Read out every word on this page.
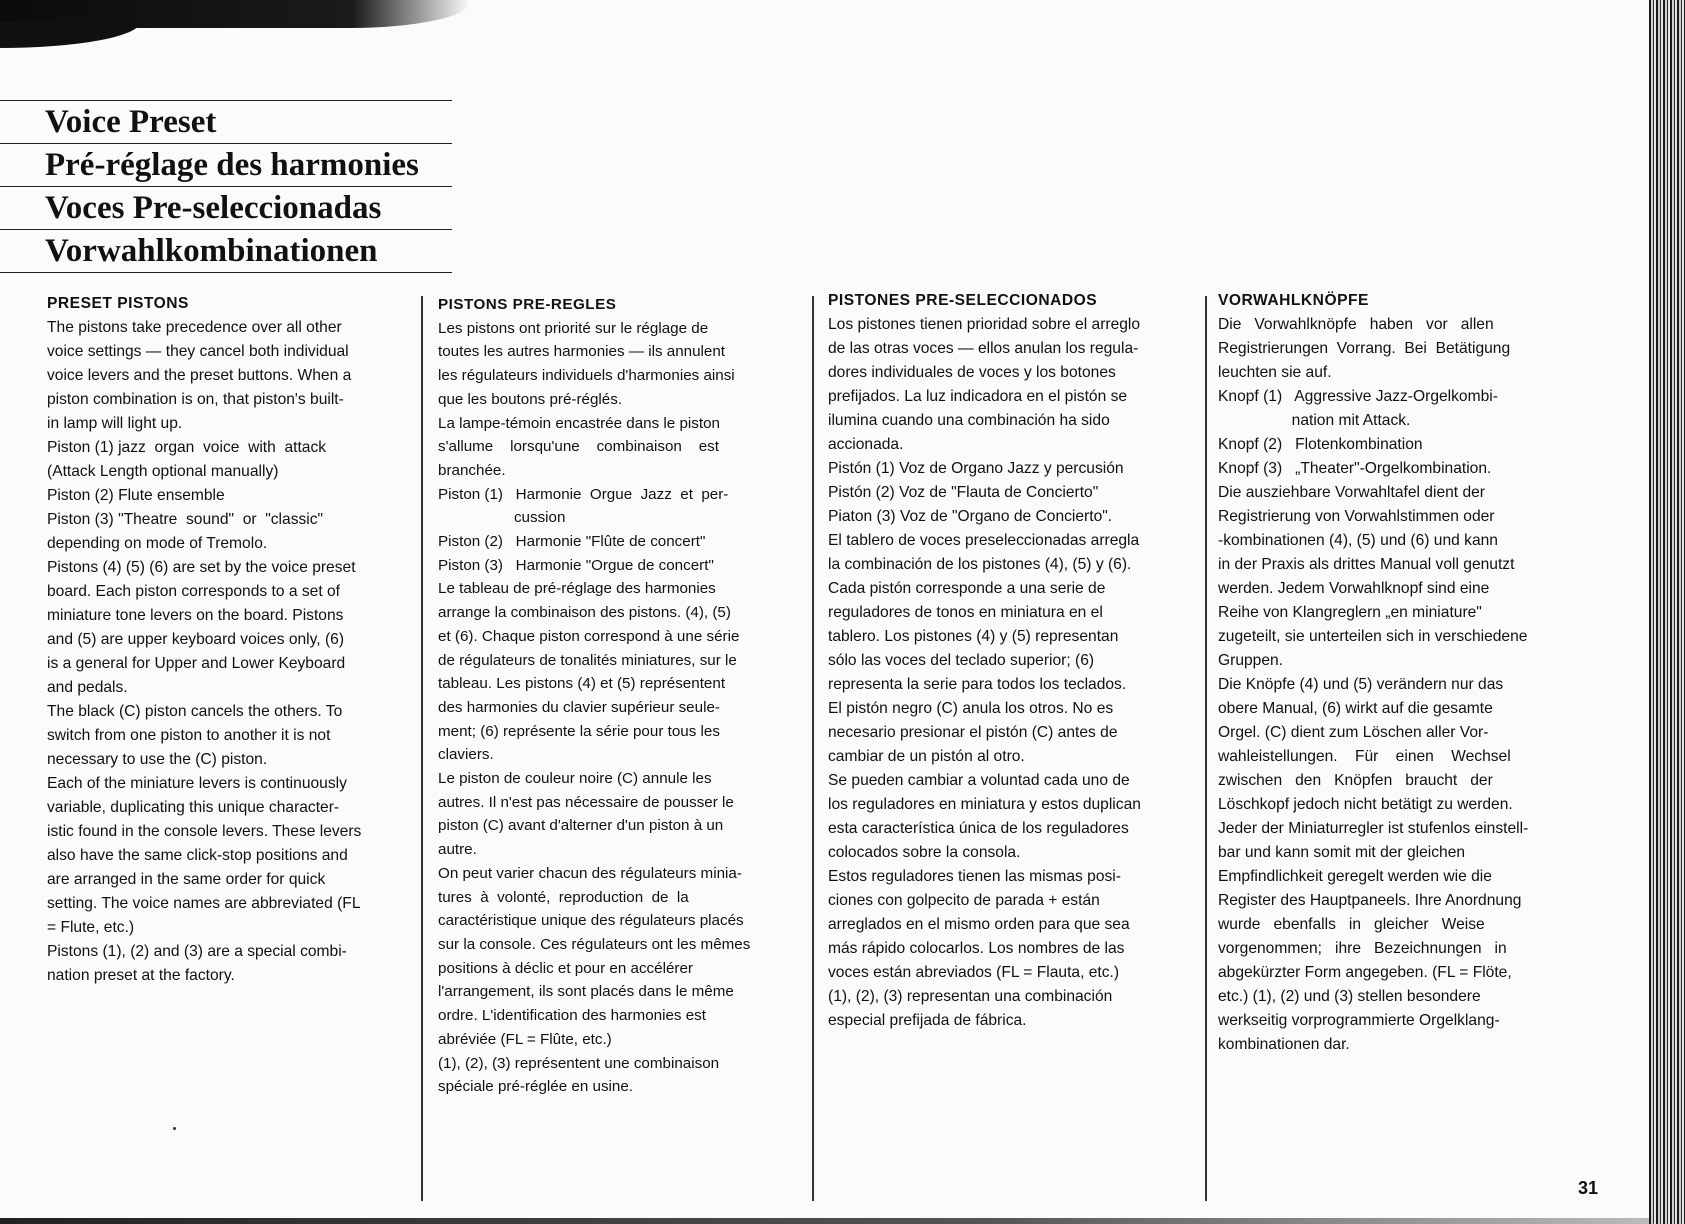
Voice Preset
Pré-réglage des harmonies
Voces Pre-seleccionadas
Vorwahlkombinationen
PRESET PISTONS

The pistons take precedence over all other

voice settings — they cancel both individual

voice levers and the preset buttons. When a

piston combination is on, that piston's built-

in lamp will light up.

Piston (1) jazz  organ  voice  with  attack

(Attack Length optional manually)

Piston (2) Flute ensemble

Piston (3) "Theatre  sound"  or  "classic"

depending on mode of Tremolo.

Pistons (4) (5) (6) are set by the voice preset

board. Each piston corresponds to a set of

miniature tone levers on the board. Pistons

and (5) are upper keyboard voices only, (6)

is a general for Upper and Lower Keyboard

and pedals.

The black (C) piston cancels the others. To

switch from one piston to another it is not

necessary to use the (C) piston.

Each of the miniature levers is continuously

variable, duplicating this unique character-

istic found in the console levers. These levers

also have the same click-stop positions and

are arranged in the same order for quick

setting. The voice names are abbreviated (FL

= Flute, etc.)

Pistons (1), (2) and (3) are a special combi-

nation preset at the factory.

PISTONS PRE-REGLES

Les pistons ont priorité sur le réglage de

toutes les autres harmonies — ils annulent

les régulateurs individuels d'harmonies ainsi

que les boutons pré-réglés.

La lampe-témoin encastrée dans le piston

s'allume    lorsqu'une    combinaison    est

branchée.

Piston (1)   Harmonie  Orgue  Jazz  et  per-

cussion

Piston (2)   Harmonie "Flûte de concert"

Piston (3)   Harmonie "Orgue de concert"

Le tableau de pré-réglage des harmonies

arrange la combinaison des pistons. (4), (5)

et (6). Chaque piston correspond à une série

de régulateurs de tonalités miniatures, sur le

tableau. Les pistons (4) et (5) représentent

des harmonies du clavier supérieur seule-

ment; (6) représente la série pour tous les

claviers.

Le piston de couleur noire (C) annule les

autres. Il n'est pas nécessaire de pousser le

piston (C) avant d'alterner d'un piston à un

autre.

On peut varier chacun des régulateurs minia-

tures  à  volonté,  reproduction  de  la

caractéristique unique des régulateurs placés

sur la console. Ces régulateurs ont les mêmes

positions à déclic et pour en accélérer

l'arrangement, ils sont placés dans le même

ordre. L'identification des harmonies est

abrévi​ée (FL = Flûte, etc.)

(1), (2), (3) représentent une combinaison

spéciale pré-réglée en usine.

PISTONES PRE-SELECCIONADOS

Los pistones tienen prioridad sobre el arreglo

de las otras voces — ellos anulan los regula-

dores individuales de voces y los botones

prefijados. La luz indicadora en el pistón se

ilumina cuando una combinación ha sido

accionada.

Pistón (1) Voz de Organo Jazz y percusión

Pistón (2) Voz de "Flauta de Concierto"

Piaton (3) Voz de "Organo de Concierto".

El tablero de voces preseleccionadas arregla

la combinación de los pistones (4), (5) y (6).

Cada pistón corresponde a una serie de

reguladores de tonos en miniatura en el

tablero. Los pistones (4) y (5) representan

sólo las voces del teclado superior; (6)

representa la serie para todos los teclados.

El pistón negro (C) anula los otros. No es

necesario presionar el pistón (C) antes de

cambiar de un pistón al otro.

Se pueden cambiar a voluntad cada uno de

los reguladores en miniatura y estos duplican

esta característica única de los reguladores

colocados sobre la consola.

Estos reguladores tienen las mismas posi-

ciones con golpecito de parada + están

arreglados en el mismo orden para que sea

más rápido colocarlos. Los nombres de las

voces están abreviados (FL = Flauta, etc.)

(1), (2), (3) representan una combinación

especial prefijada de fábrica.

VORWAHLKNÖPFE

Die   Vorwahlknöpfe   haben   vor   allen

Registrierungen  Vorrang.  Bei  Betätigung

leuchten sie auf.

Knopf (1)   Aggressive Jazz-Orgelkombi-

nation mit Attack.

Knopf (2)   Flotenkombination

Knopf (3)   „Theater"-Orgelkombination.

Die ausziehbare Vorwahltafel dient der

Registrierung von Vorwahlstimmen oder

-kombinationen (4), (5) und (6) und kann

in der Praxis als drittes Manual voll genutzt

werden. Jedem Vorwahlknopf sind eine

Reihe von Klangreglern „en miniature"

zugeteilt, sie unterteilen sich in verschiedene

Gruppen.

Die Knöpfe (4) und (5) verändern nur das

obere Manual, (6) wirkt auf die gesamte

Orgel. (C) dient zum Löschen aller Vor-

wahleistellungen.    Für    einen    Wechsel

zwischen   den   Knöpfen   braucht   der

Löschkopf jedoch nicht betätigt zu werden.

Jeder der Miniaturregler ist stufenlos einstell-

bar und kann somit mit der gleichen

Empfindlichkeit geregelt werden wie die

Register des Hauptpaneels. Ihre Anordnung

wurde   ebenfalls   in   gleicher   Weise

vorgenommen;   ihre   Bezeichnungen   in

abgekürzter Form angegeben. (FL = Flöte,

etc.) (1), (2) und (3) stellen besondere

werkseitig vorprogrammierte Orgelklang-

kombinationen dar.

31
